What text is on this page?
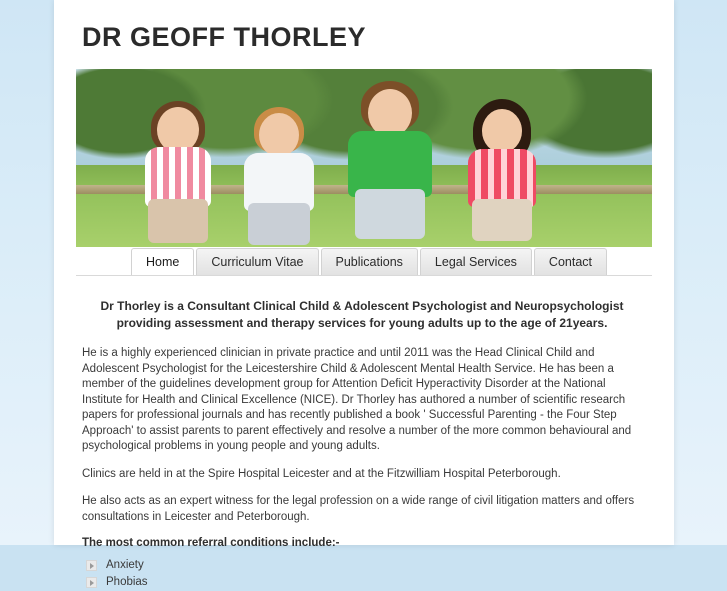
DR GEOFF THORLEY
Home	Curriculum Vitae	Publications	Legal Services	Contact

Dr Thorley is a Consultant Clinical Child & Adolescent Psychologist and Neuropsychologist providing assessment and therapy services for young adults up to the age of 21years.

He is a highly experienced clinician in private practice and until 2011 was the Head Clinical Child and Adolescent Psychologist for the Leicestershire Child & Adolescent Mental Health Service. He has been a member of the guidelines development group for Attention Deficit Hyperactivity Disorder at the National Institute for Health and Clinical Excellence (NICE). Dr Thorley has authored a number of scientific research papers for professional journals and has recently published a book ' Successful Parenting - the Four Step Approach' to assist parents to parent effectively and resolve a number of the more common behavioural and psychological problems in young people and young adults.

Clinics are held in at the Spire Hospital Leicester and at the Fitzwilliam Hospital Peterborough.

He also acts as an expert witness for the legal profession on a wide range of civil litigation matters and offers consultations in Leicester and Peterborough.

The most common referral conditions include:-

Anxiety
Phobias
